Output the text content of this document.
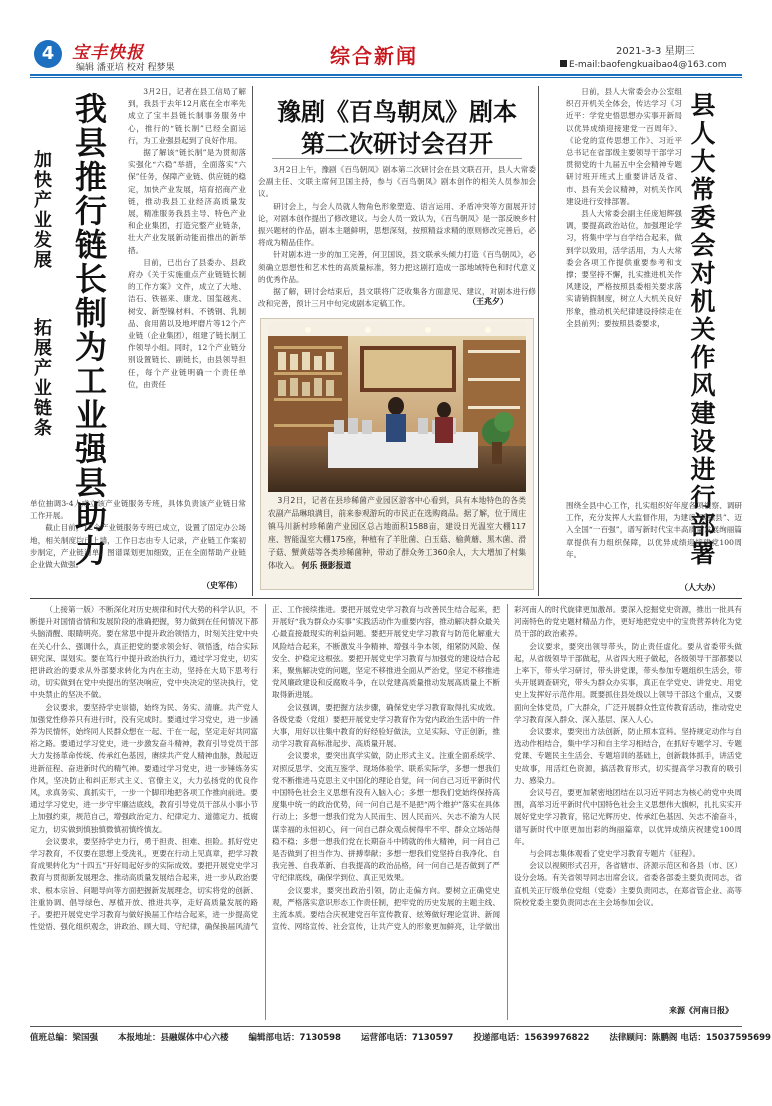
4	宝丰快报
编辑 潘亚培 校对 程梦果	综合新闻	2021-3-3 星期三
E-mail:baofengkuaibao4@163.com
我县推行链长制为工业强县助力
加快产业发展
拓展产业链条

3月2日，记者在县工信局了解到，我县于去年12月底在全市率先成立了宝丰县链长制事务服务中心，推行的“链长制”已经全面运行，为工业强县起到了良好作用。

据了解该“链长制”是为贯彻落实强化“六稳”举措，全面落实“六保”任务，保障产业链、供应链的稳定，加快产业发展，培育招商产业链，推动我县工业经济高质量发展，精准服务我县主导、特色产业和企业集团，打造完整产业链条，壮大产业发展新动能而推出的新举措。

目前，已出台了县委办、县政府办《关于实施重点产业链链长制的工作方案》文件，成立了大地、洁石、铁福来、康龙、国玺越兆、树安、新型镍材料、不锈钢、乳制品、食用菌以及地坪磨片等12个产业链（企业集团），组建了链长制工作领导小组。同时，12个产业链分别设置链长、副链长，由县领导担任，每个产业链明确一个责任单位，由责任

单位抽调3-4人成立该产业链服务专班，具体负责该产业链日常工作开展。

截止目前，12个产业链服务专班已成立，设置了固定办公场地，相关制度均已上墙，工作日志由专人记录，产业链工作案初步制定，产业链清单、图谱谋划更加细致，正在全面帮助产业链企业做大做强。

（史军伟）
豫剧《百鸟朝凤》剧本
第二次研讨会召开

3月2日上午，豫剧《百鸟朝凤》剧本第二次研讨会在县文联召开，县人大常委会副主任、文联主席何卫国主持，参与《百鸟朝凤》剧本创作的相关人员参加会议。

研讨会上，与会人员就人物角色形象塑造、语言运用、矛盾冲突等方面展开讨论，对剧本创作提出了修改建议。与会人员一致认为，《百鸟朝凤》是一部反映乡村振兴题材的作品，剧本主题鲜明，思想深刻，按照精益求精的原则修改完善后，必将成为精品佳作。

针对剧本进一步的加工完善，何卫国说，县文联承头倾力打造《百鸟朝凤》，必须确立思想性和艺术性的高质量标准，努力把这剧打造成一部地域特色和时代意义的优秀作品。

据了解，研讨会结束后，县文联将广泛收集各方面意见、建议，对剧本进行修改和完善，预计三月中旬完成剧本定稿工作。	（王兆夕）
3月2日，记者在县珍稀菌产业园区游客中心看到，具有本地特色的各类农副产品琳琅满目，前来参观游玩的市民正在选购商品。据了解，位于周庄镇马川新村珍稀菌产业园区总占地面积1588亩，建设日光温室大棚117座、智能温室大棚175座，种植有了羊肚菌、白玉菇、榆黄蘑、黑木菌、滑子菇、蟹黄菇等各类珍稀菌种，带动了群众务工360余人，大大增加了村集体收入。 何乐 摄影报道	县人大常委会对机关作风建设进行部署

日前，县人大常委会办公室组织召开机关全体会，传达学习《习近平：学党史悟思想办实事开新局以优异成绩迎接建党一百周年》、《论党的宣传思想工作》、习近平总书记在省部级主要领导干部学习贯彻党的十九届五中全会精神专题研讨班开班式上重要讲话及省、市、县有关会议精神，对机关作风建设进行安排部署。

县人大常委会副主任庞旭辉强调，要提高政治站位，加强理论学习，将集中学与自学结合起来，做到学以致用，活学活用，为人大常委会各项工作提供重要参考和支撑；要坚持不懈，扎实推进机关作风建设，严格按照县委相关要求落实请销假制度，树立人大机关良好形象，推动机关纪律建设持续走在全县前列；要按照县委要求，

围绕全县中心工作，扎实组织好年度各项视察、调研工作，充分发挥人大监督作用，为建设“四强县”、迈入全国“一百强”，谱写新时代宝丰高质量发展绚丽篇章提供有力组织保障，以优异成绩迎接建党100周年。

（人大办）

（上接第一版）不断深化对历史规律和时代大势的科学认识，不断提升对国情省情和发展阶段的准确把握，努力做到在任何情况下都头脑清醒、眼睛明亮。要在常思中提升政治领悟力，时刻关注党中央在关心什么、强调什么，真正把党的要求领会好、领悟透，结合实际研究深、谋划实。要在笃行中提升政治执行力，通过学习党史，切实把讲政治的要求从外部要求转化为内在主动，坚持在大局下思考行动，切实做到在党中央提出的坚决响应，党中央决定的坚决执行，党中央禁止的坚决不做。

会议要求，要坚持学史崇德，始终为民、务实、清廉。共产党人加强党性修养只有进行时，没有完成时。要通过学习党史，进一步涵养为民情怀，始终同人民群众想在一起、干在一起，坚定走好共同富裕之路。要通过学习党史，进一步激发奋斗精神，教育引导党员干部大力发扬革命传统、传承红色基因，赓续共产党人精神血脉，鼓起迈进新征程、奋进新时代的精气神。要通过学习党史，进一步锤炼务实作风，坚决防止和纠正形式主义、官僚主义，大力弘扬党的优良作风，求真务实、真抓实干，一步一个脚印地把各项工作推向前进。要通过学习党史，进一步守牢廉洁底线，教育引导党员干部从小事小节上加强约束，规范自己，增强政治定力、纪律定力、道德定力、抵腐定力，切实做到慎独慎微慎初慎终慎友。

会议要求，要坚持学史力行，勇于担责、担难、担险。抓好党史学习教育，不仅要在思想上受洗礼，更要在行动上见真章，把学习教育成果转化为“十四五”开好局起好步的实际成效。要把开展党史学习教育与贯彻新发展理念、推动高质量发展结合起来，进一步从政治要求、根本宗旨、问题导向等方面把握新发展理念，切实将党的创新、注重协调、倡导绿色、厚植开放、推进共享，走好高质量发展的路子。要把开展党史学习教育与做好换届工作结合起来，进一步提高党性觉悟、强化组织观念，讲政治、顾大局、守纪律，确保换届风清气正、工作接续推进。要把开展党史学习教育与改善民生结合起来，把开展好“我为群众办实事”实践活动作为重要内容，推动解决群众最关心最直接最现实的利益问题。要把开展党史学习教育与防范化解重大风险结合起来，不断激发斗争精神、增强斗争本领，细紧防风险、保安全、护稳定这根弦。要把开展党史学习教育与加强党的建设结合起来，聚焦解决党的问题，坚定不移推进全面从严治党，坚定不移推进党风廉政建设和反腐败斗争，在以党建高质量推动发展高质量上不断取得新进展。

会议强调，要把握方法步骤，确保党史学习教育取得扎实成效。各级党委（党组）要把开展党史学习教育作为党内政治生活中的一件大事，用好以往集中教育的好经验好做法，立足实际、守正创新，推动学习教育高标准起步、高质量开展。

会议要求，要突出真学实做，防止形式主义。注重全面系统学、对照反思学、交流互鉴学、现场体验学、联系实际学，多想一想我们党不断推进马克思主义中国化的理论自觉，问一问自己习近平新时代中国特色社会主义思想有没有入脑入心；多想一想我们党始终保持高度集中统一的政治优势，问一问自己是不是把“两个维护”落实在具体行动上；多想一想我们党为人民而生、因人民而兴、矢志不渝为人民谋幸福的永恒初心，问一问自己群众观点树得牢不牢、群众立场站得稳不稳；多想一想我们党在长期奋斗中铸就的伟大精神，问一问自己是否做到了担当作为、拼搏奉献；多想一想我们党坚持自我净化、自我完善、自我革新、自我提高的政治品格，问一问自己是否做到了严守纪律底线，确保学到位、真正见效果。

会议要求，要突出政治引领，防止走偏方向。要树立正确党史观，严格落实意识形态工作责任制，把牢党的历史发展的主题主线、主流本质。要结合庆祝建党百年宣传教育、炫筹做好理论宣讲、新闻宣传、网络宣传、社会宣传，让共产党人的形象更加鲜亮，让学做出彩河南人的时代旋律更加激昂。要深入挖掘党史资源，推出一批具有河南特色的党史题材精品力作，更好地把党史中的宝贵营养转化为党员干部的政治素养。

会议要求，要突出领导带头，防止责任虚化。要从省委带头做起，从省级领导干部做起，从省四大班子做起，各级领导干部都要以上率下，带头学习研讨，带头讲党课，带头参加专题组织生活会，带头开展调查研究，带头为群众办实事，真正在学党史、讲党史、用党史上发挥好示范作用。既要抓住县处级以上领导干部这个重点，又要面向全体党员，广大群众，广泛开展群众性宣传教育活动，推动党史学习教育深入群众、深入基层、深入人心。

会议要求，要突出方法创新，防止照本宣科。坚持规定动作与自选动作相结合，集中学习和自主学习相结合，在抓好专题学习、专题党课、专题民主生活会、专题培训的基础上，创新载体抓手，讲活党史故事，用活红色资源，搞活教育形式，切实提高学习教育的吸引力、感染力。

会议号召，要更加紧密地团结在以习近平同志为核心的党中央周围，高举习近平新时代中国特色社会主义思想伟大旗帜，扎扎实实开展好党史学习教育，铭记光辉历史、传承红色基因、矢志不渝奋斗，谱写新时代中原更加出彩的绚丽篇章，以优异成绩庆祝建党100周年。

与会同志集体观看了党史学习教育专题片《征程》。

会议以视频形式召开，各省辖市、济源示范区和各县（市、区）设分会场。有关省领导同志出席会议。省委各部委主要负责同志，省直机关正厅级单位党组（党委）主要负责同志，在郑省管企业、高等院校党委主要负责同志在主会场参加会议。

来源《河南日报》
值班总编：梁国强 本报地址：县融媒体中心六楼 编辑部电话：7130598 运营部电话：7130597 投递部电话：15639976822 法律顾问：陈鹏阁 电话：15037595699
